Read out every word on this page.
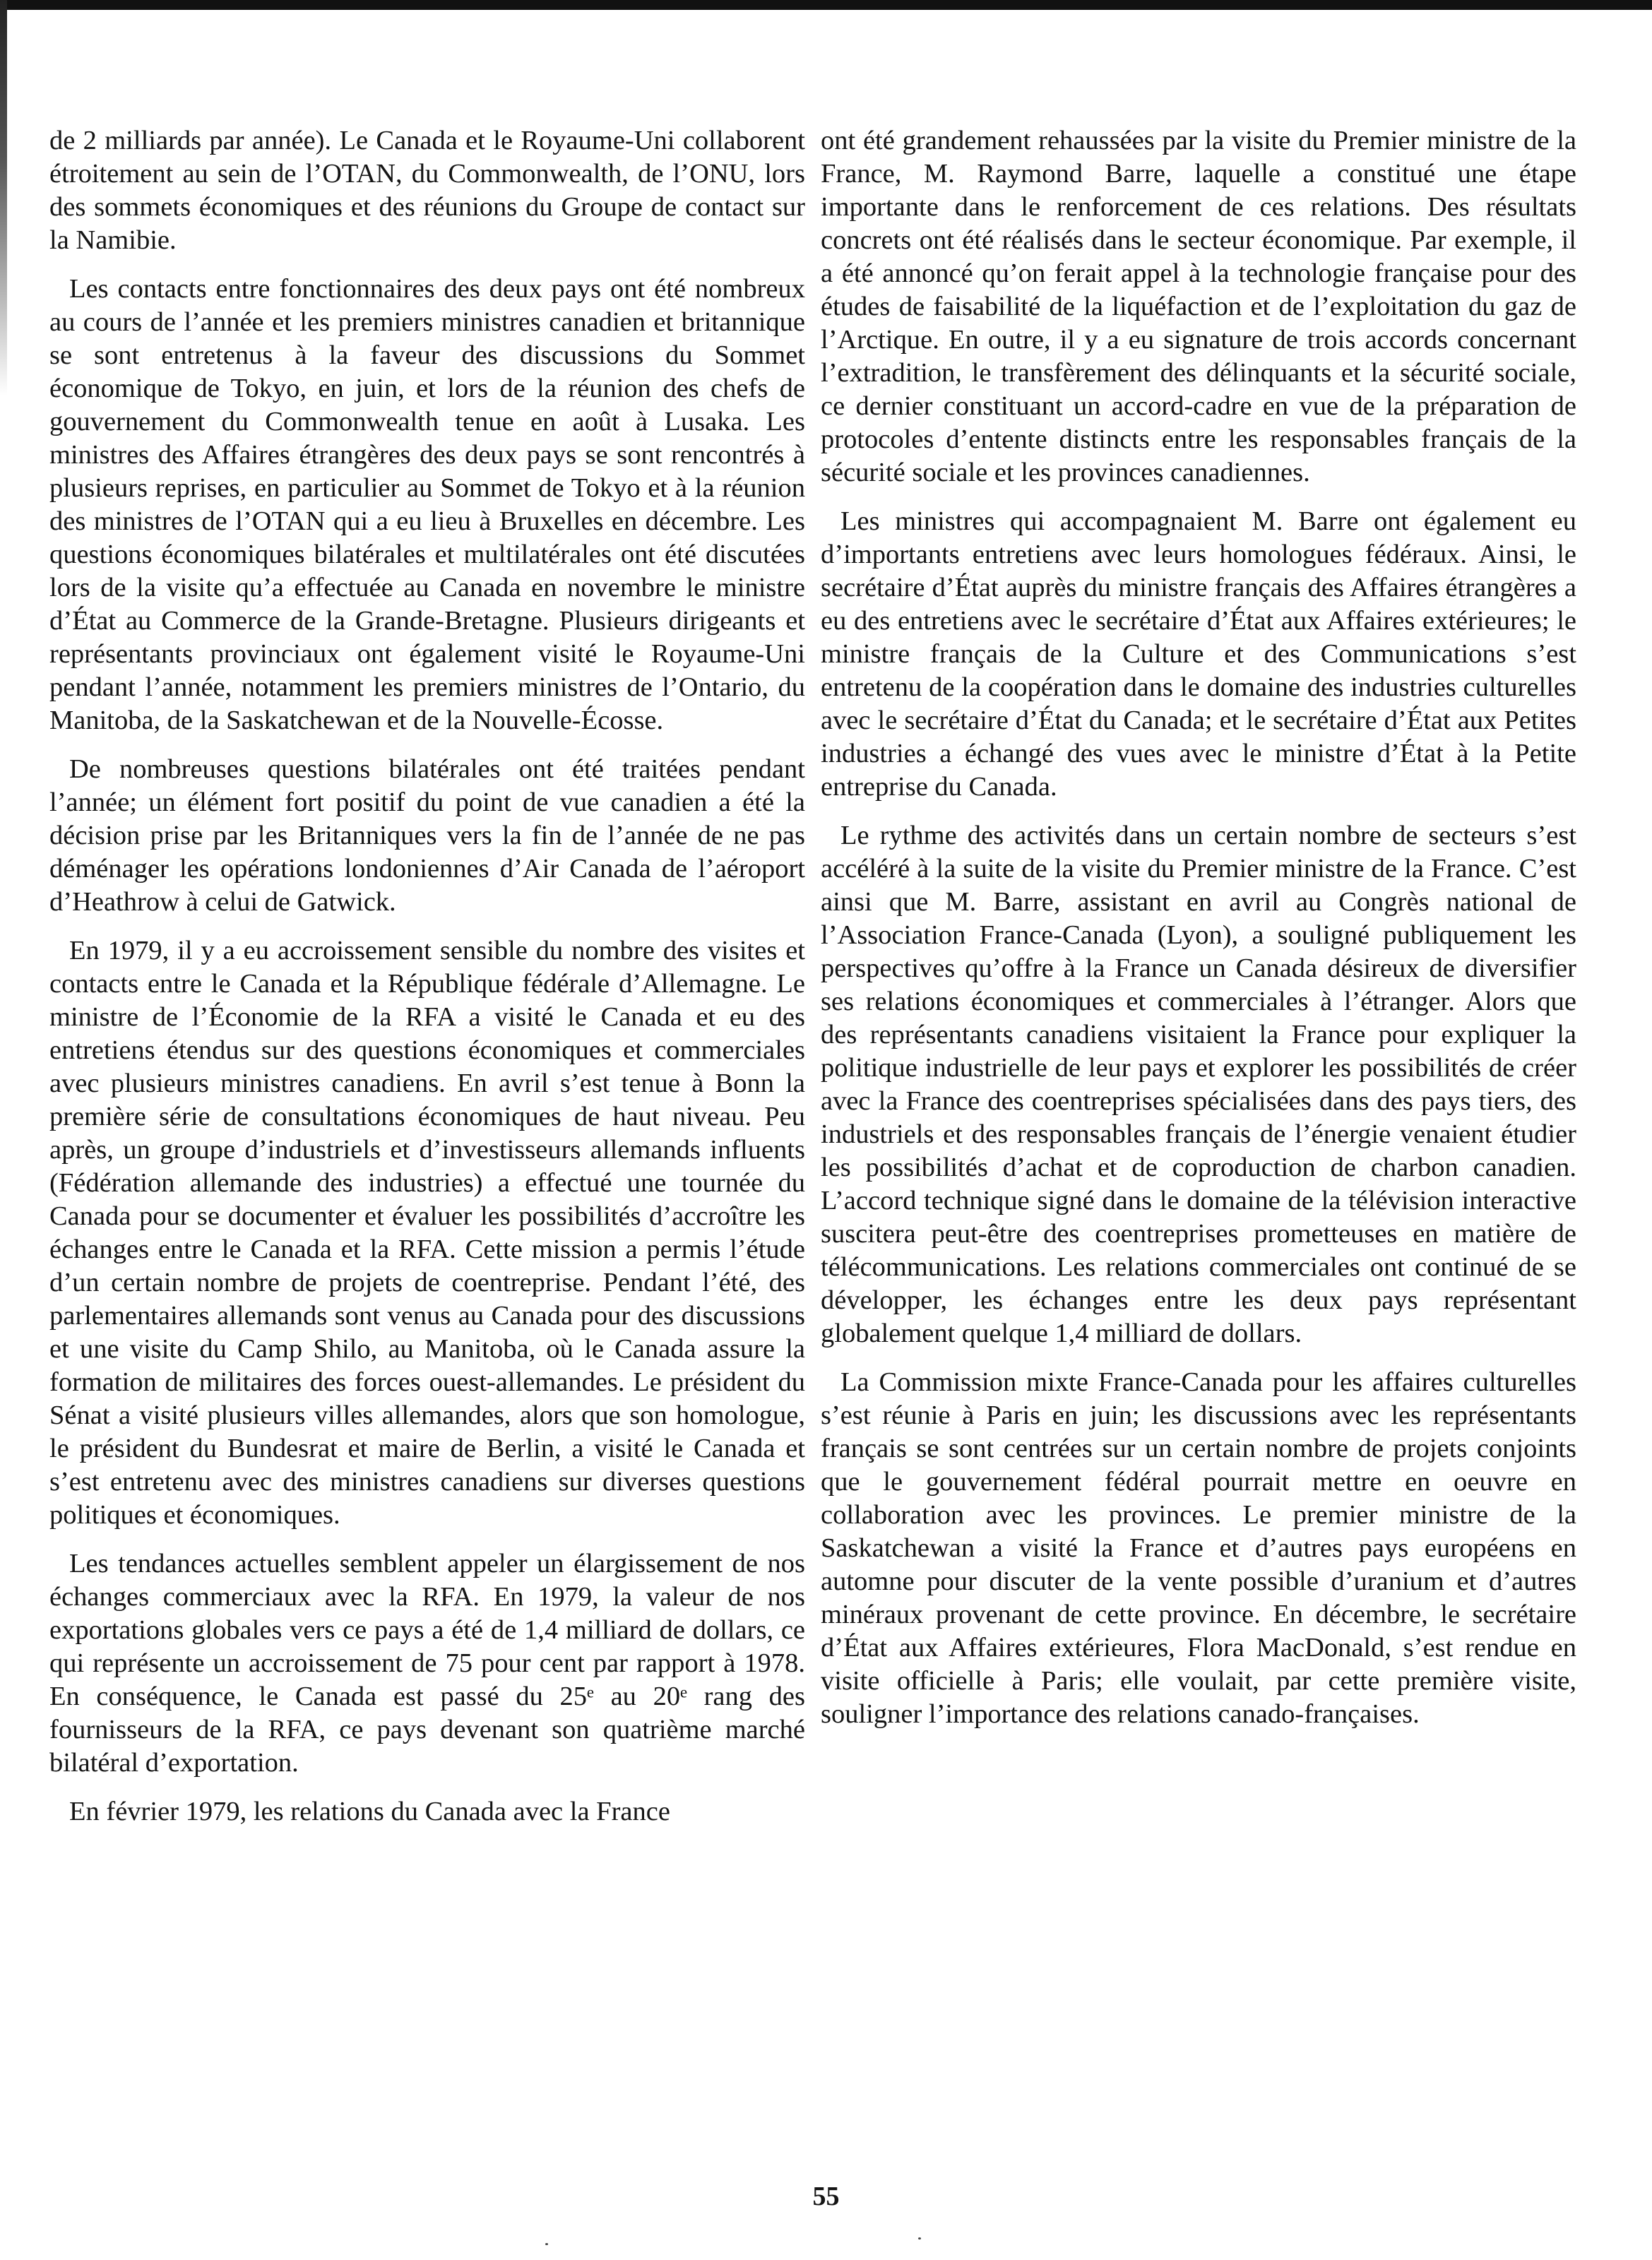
de 2 milliards par année). Le Canada et le Royaume-Uni collaborent étroitement au sein de l’OTAN, du Commonwealth, de l’ONU, lors des sommets économiques et des réunions du Groupe de contact sur la Namibie.

Les contacts entre fonctionnaires des deux pays ont été nombreux au cours de l’année et les premiers ministres canadien et britannique se sont entretenus à la faveur des discussions du Sommet économique de Tokyo, en juin, et lors de la réunion des chefs de gouvernement du Commonwealth tenue en août à Lusaka. Les ministres des Affaires étrangères des deux pays se sont rencontrés à plusieurs reprises, en particulier au Sommet de Tokyo et à la réunion des ministres de l’OTAN qui a eu lieu à Bruxelles en décembre. Les questions économiques bilatérales et multilatérales ont été discutées lors de la visite qu’a effectuée au Canada en novembre le ministre d’État au Commerce de la Grande-Bretagne. Plusieurs dirigeants et représentants provinciaux ont également visité le Royaume-Uni pendant l’année, notamment les premiers ministres de l’Ontario, du Manitoba, de la Saskatchewan et de la Nouvelle-Écosse.

De nombreuses questions bilatérales ont été traitées pendant l’année; un élément fort positif du point de vue canadien a été la décision prise par les Britanniques vers la fin de l’année de ne pas déménager les opérations londoniennes d’Air Canada de l’aéroport d’Heathrow à celui de Gatwick.

En 1979, il y a eu accroissement sensible du nombre des visites et contacts entre le Canada et la République fédérale d’Allemagne. Le ministre de l’Économie de la RFA a visité le Canada et eu des entretiens étendus sur des questions économiques et commerciales avec plusieurs ministres canadiens. En avril s’est tenue à Bonn la première série de consultations économiques de haut niveau. Peu après, un groupe d’industriels et d’investisseurs allemands influents (Fédération allemande des industries) a effectué une tournée du Canada pour se documenter et évaluer les possibilités d’accroître les échanges entre le Canada et la RFA. Cette mission a permis l’étude d’un certain nombre de projets de coentreprise. Pendant l’été, des parlementaires allemands sont venus au Canada pour des discussions et une visite du Camp Shilo, au Manitoba, où le Canada assure la formation de militaires des forces ouest-allemandes. Le président du Sénat a visité plusieurs villes allemandes, alors que son homologue, le président du Bundesrat et maire de Berlin, a visité le Canada et s’est entretenu avec des ministres canadiens sur diverses questions politiques et économiques.

Les tendances actuelles semblent appeler un élargissement de nos échanges commerciaux avec la RFA. En 1979, la valeur de nos exportations globales vers ce pays a été de 1,4 milliard de dollars, ce qui représente un accroissement de 75 pour cent par rapport à 1978. En conséquence, le Canada est passé du 25ᵉ au 20ᵉ rang des fournisseurs de la RFA, ce pays devenant son quatrième marché bilatéral d’exportation.

En février 1979, les relations du Canada avec la France

ont été grandement rehaussées par la visite du Premier ministre de la France, M. Raymond Barre, laquelle a constitué une étape importante dans le renforcement de ces relations. Des résultats concrets ont été réalisés dans le secteur économique. Par exemple, il a été annoncé qu’on ferait appel à la technologie française pour des études de faisabilité de la liquéfaction et de l’exploitation du gaz de l’Arctique. En outre, il y a eu signature de trois accords concernant l’extradition, le transfèrement des délinquants et la sécurité sociale, ce dernier constituant un accord-cadre en vue de la préparation de protocoles d’entente distincts entre les responsables français de la sécurité sociale et les provinces canadiennes.

Les ministres qui accompagnaient M. Barre ont également eu d’importants entretiens avec leurs homologues fédéraux. Ainsi, le secrétaire d’État auprès du ministre français des Affaires étrangères a eu des entretiens avec le secrétaire d’État aux Affaires extérieures; le ministre français de la Culture et des Communications s’est entretenu de la coopération dans le domaine des industries culturelles avec le secrétaire d’État du Canada; et le secrétaire d’État aux Petites industries a échangé des vues avec le ministre d’État à la Petite entreprise du Canada.

Le rythme des activités dans un certain nombre de secteurs s’est accéléré à la suite de la visite du Premier ministre de la France. C’est ainsi que M. Barre, assistant en avril au Congrès national de l’Association France-Canada (Lyon), a souligné publiquement les perspectives qu’offre à la France un Canada désireux de diversifier ses relations économiques et commerciales à l’étranger. Alors que des représentants canadiens visitaient la France pour expliquer la politique industrielle de leur pays et explorer les possibilités de créer avec la France des coentreprises spécialisées dans des pays tiers, des industriels et des responsables français de l’énergie venaient étudier les possibilités d’achat et de coproduction de charbon canadien. L’accord technique signé dans le domaine de la télévision interactive suscitera peut-être des coentreprises prometteuses en matière de télécommunications. Les relations commerciales ont continué de se développer, les échanges entre les deux pays représentant globalement quelque 1,4 milliard de dollars.

La Commission mixte France-Canada pour les affaires culturelles s’est réunie à Paris en juin; les discussions avec les représentants français se sont centrées sur un certain nombre de projets conjoints que le gouvernement fédéral pourrait mettre en oeuvre en collaboration avec les provinces. Le premier ministre de la Saskatchewan a visité la France et d’autres pays européens en automne pour discuter de la vente possible d’uranium et d’autres minéraux provenant de cette province. En décembre, le secrétaire d’État aux Affaires extérieures, Flora MacDonald, s’est rendue en visite officielle à Paris; elle voulait, par cette première visite, souligner l’importance des relations canado-françaises.

55
